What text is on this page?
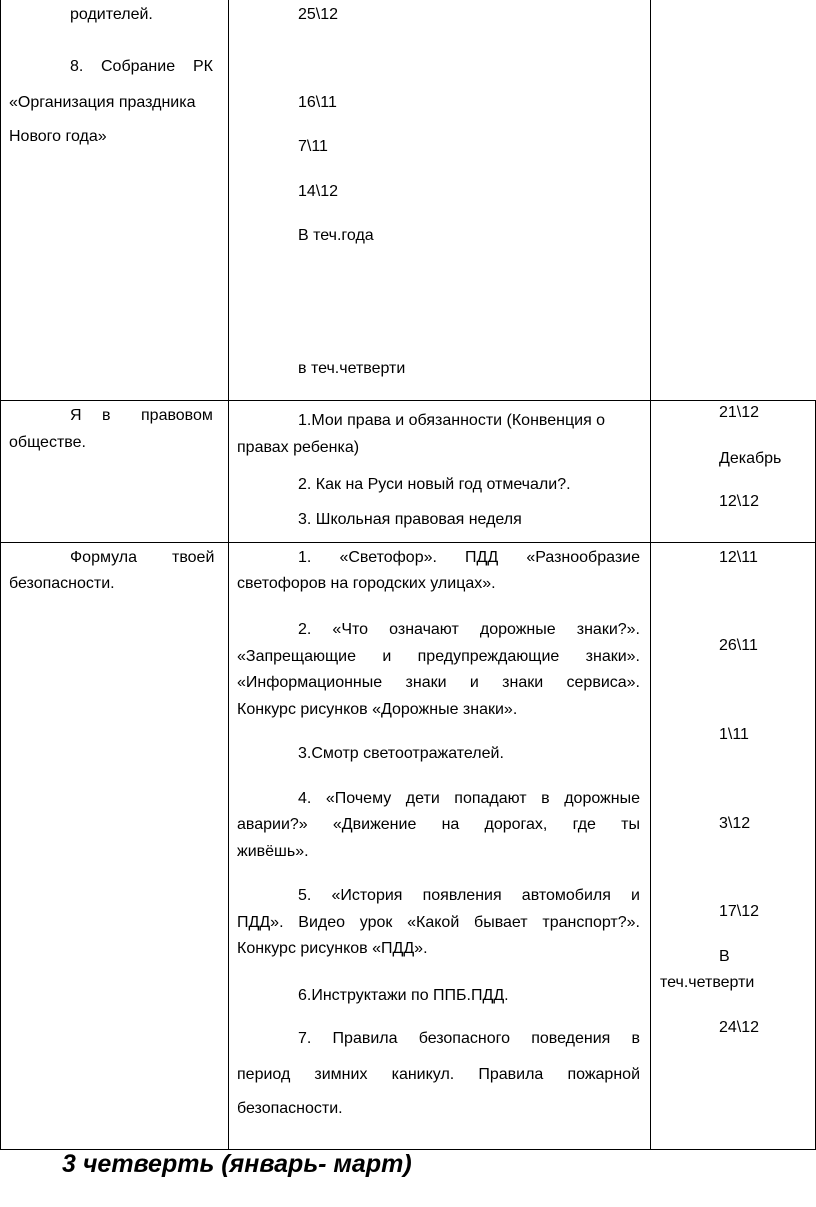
родителей.
8. Собрание РК
«Организация праздника
Нового года»
25\12
16\11
7\11
14\12
В теч.года
в теч.четверти
Я в правовом
обществе.
1.Мои права и обязанности (Конвенция о
правах ребенка)
2. Как на Руси новый год отмечали?.
3. Школьная правовая неделя
21\12
Декабрь
12\12
Формула твоей
безопасности.
1. «Светофор». ПДД «Разнообразие
светофоров на городских улицах».
2. «Что означают дорожные знаки?».
«Запрещающие и предупреждающие знаки».
«Информационные знаки и знаки сервиса».
Конкурс рисунков «Дорожные знаки».
3.Смотр светоотражателей.
4. «Почему дети попадают в дорожные
аварии?» «Движение на дорогах, где ты
живёшь».
5. «История появления автомобиля и
ПДД». Видео урок «Какой бывает транспорт?».
Конкурс рисунков «ПДД».
6.Инструктажи по ППБ.ПДД.
7. Правила безопасного поведения в
период зимних каникул. Правила пожарной
безопасности.
12\11
26\11
1\11
3\12
17\12
В
теч.четверти
24\12
3 четверть (январь- март)
